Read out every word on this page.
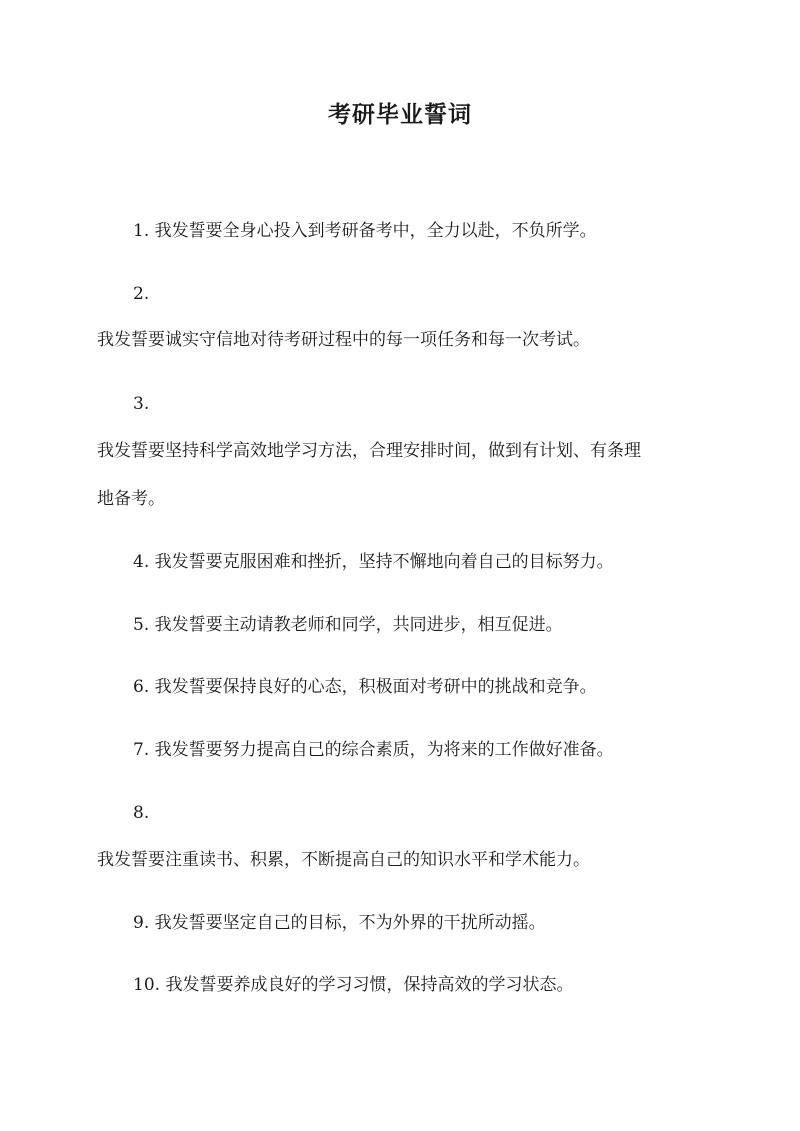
考研毕业誓词
1. 我发誓要全身心投入到考研备考中，全力以赴，不负所学。
2.
我发誓要诚实守信地对待考研过程中的每一项任务和每一次考试。
3.
我发誓要坚持科学高效地学习方法，合理安排时间，做到有计划、有条理
地备考。
4. 我发誓要克服困难和挫折，坚持不懈地向着自己的目标努力。
5. 我发誓要主动请教老师和同学，共同进步，相互促进。
6. 我发誓要保持良好的心态，积极面对考研中的挑战和竞争。
7. 我发誓要努力提高自己的综合素质，为将来的工作做好准备。
8.
我发誓要注重读书、积累，不断提高自己的知识水平和学术能力。
9. 我发誓要坚定自己的目标，不为外界的干扰所动摇。
10. 我发誓要养成良好的学习习惯，保持高效的学习状态。
